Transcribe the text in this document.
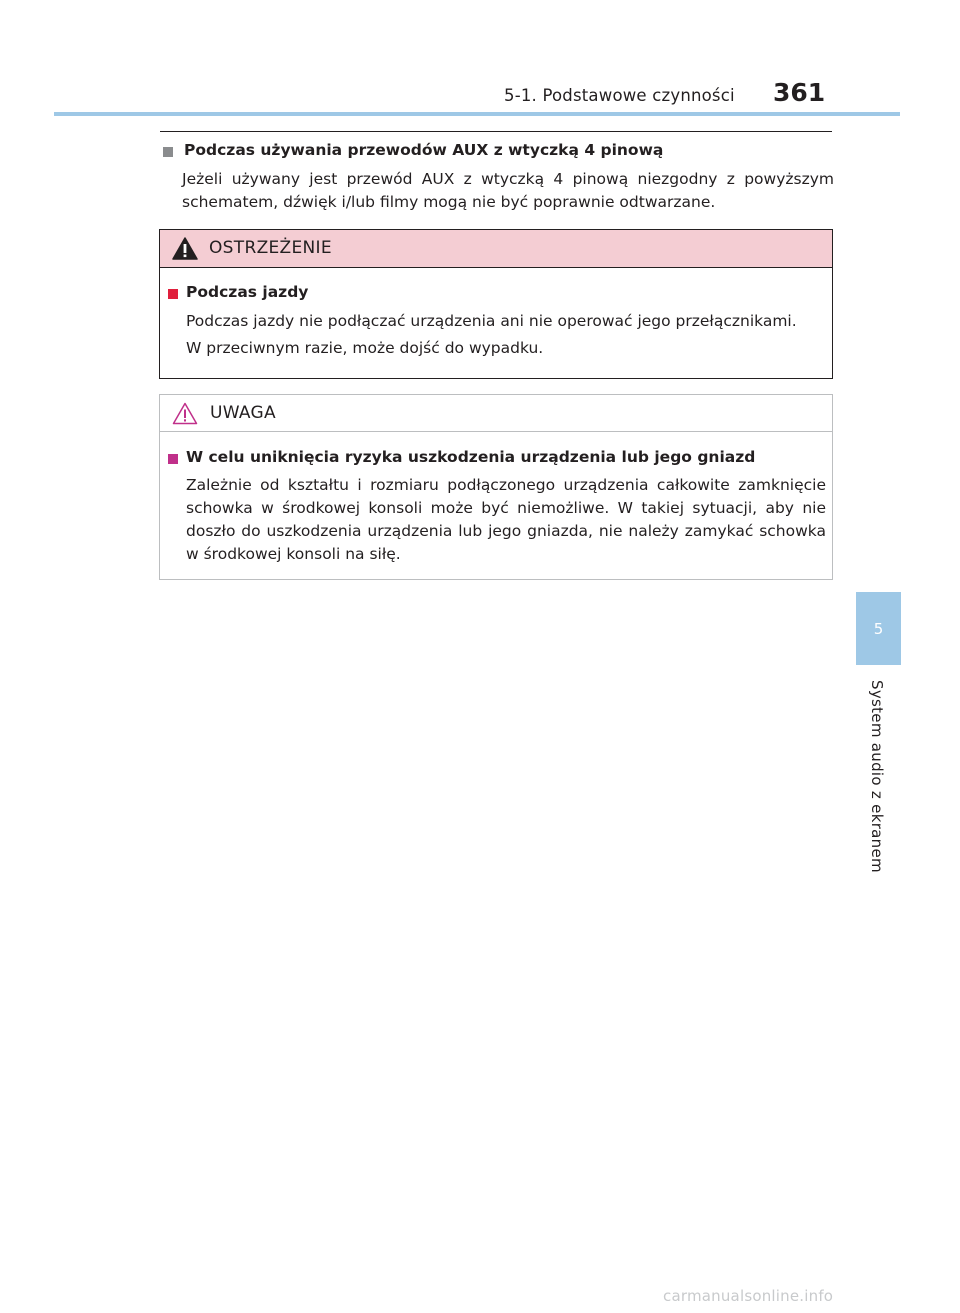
5-1. Podstawowe czynności 361
Podczas używania przewodów AUX z wtyczką 4 pinową
Jeżeli używany jest przewód AUX z wtyczką 4 pinową niezgodny z powyższym schematem, dźwięk i/lub filmy mogą nie być poprawnie odtwarzane.
OSTRZEŻENIE
Podczas jazdy

Podczas jazdy nie podłączać urządzenia ani nie operować jego przełącznikami.

W przeciwnym razie, może dojść do wypadku.

UWAGA
W celu uniknięcia ryzyka uszkodzenia urządzenia lub jego gniazd

Zależnie od kształtu i rozmiaru podłączonego urządzenia całkowite zamknięcie schowka w środkowej konsoli może być niemożliwe. W takiej sytuacji, aby nie doszło do uszkodzenia urządzenia lub jego gniazda, nie należy zamykać schowka w środkowej konsoli na siłę.

5
System audio z ekranem
carmanualsonline.info
